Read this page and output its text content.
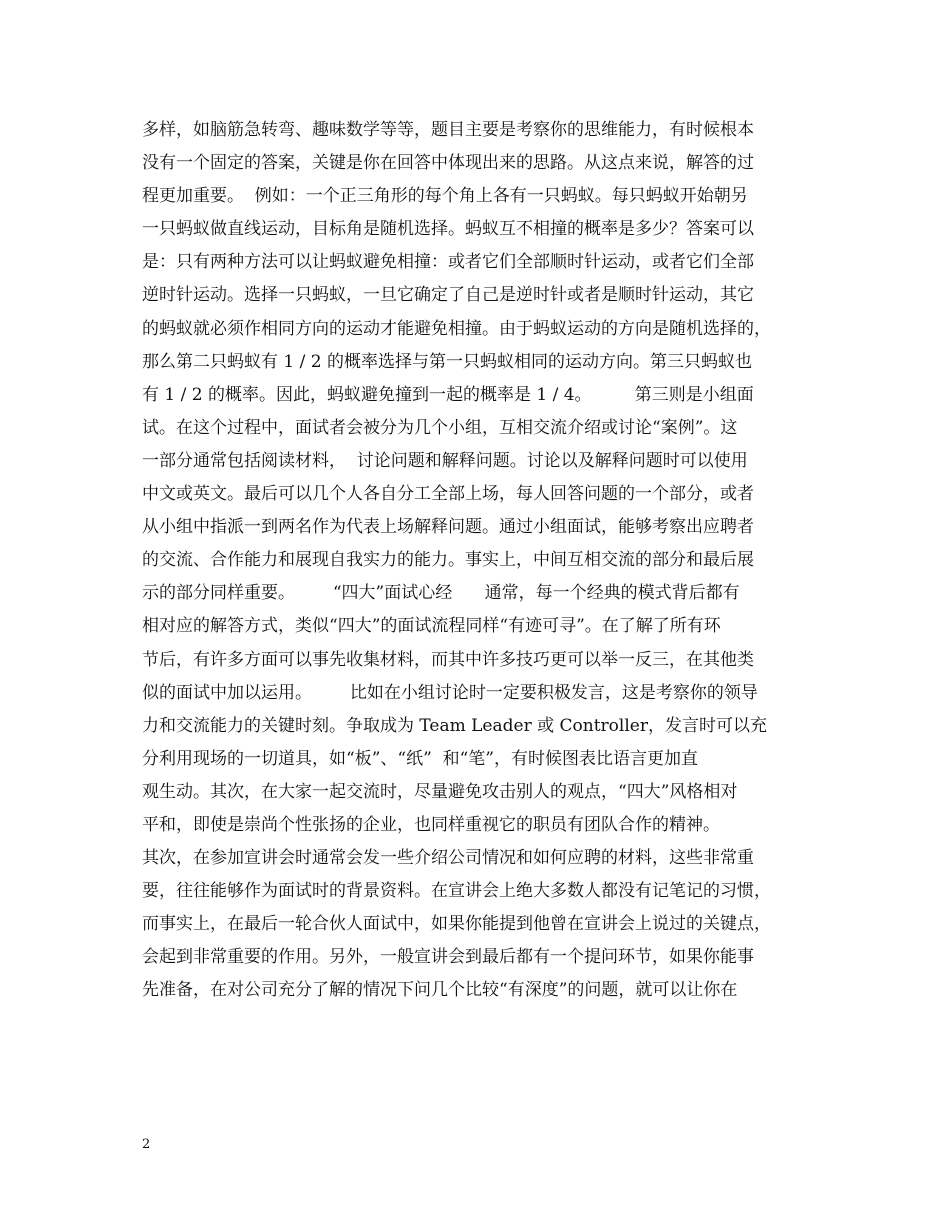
多样，如脑筋急转弯、趣味数学等等，题目主要是考察你的思维能力，有时候根本
没有一个固定的答案，关键是你在回答中体现出来的思路。从这点来说，解答的过
程更加重要。  例如：一个正三角形的每个角上各有一只蚂蚁。每只蚂蚁开始朝另
一只蚂蚁做直线运动，目标角是随机选择。蚂蚁互不相撞的概率是多少？答案可以
是：只有两种方法可以让蚂蚁避免相撞：或者它们全部顺时针运动，或者它们全部
逆时针运动。选择一只蚂蚁，一旦它确定了自己是逆时针或者是顺时针运动，其它
的蚂蚁就必须作相同方向的运动才能避免相撞。由于蚂蚁运动的方向是随机选择的，
那么第二只蚂蚁有 1 / 2 的概率选择与第一只蚂蚁相同的运动方向。第三只蚂蚁也
有 1 / 2 的概率。因此，蚂蚁避免撞到一起的概率是 1 / 4。        第三则是小组面
试。在这个过程中，面试者会被分为几个小组，互相交流介绍或讨论“案例”。这
一部分通常包括阅读材料，  讨论问题和解释问题。讨论以及解释问题时可以使用
中文或英文。最后可以几个人各自分工全部上场，每人回答问题的一个部分，或者
从小组中指派一到两名作为代表上场解释问题。通过小组面试，能够考察出应聘者
的交流、合作能力和展现自我实力的能力。事实上，中间互相交流的部分和最后展
示的部分同样重要。       “四大”面试心经      通常，每一个经典的模式背后都有
相对应的解答方式，类似“四大”的面试流程同样“有迹可寻”。在了解了所有环
节后，有许多方面可以事先收集材料，而其中许多技巧更可以举一反三，在其他类
似的面试中加以运用。       比如在小组讨论时一定要积极发言，这是考察你的领导
力和交流能力的关键时刻。争取成为 Team Leader 或 Controller，发言时可以充
分利用现场的一切道具，如“板”、“纸”  和“笔”，有时候图表比语言更加直
观生动。其次，在大家一起交流时，尽量避免攻击别人的观点，“四大”风格相对
平和，即使是崇尚个性张扬的企业，也同样重视它的职员有团队合作的精神。
其次，在参加宣讲会时通常会发一些介绍公司情况和如何应聘的材料，这些非常重
要，往往能够作为面试时的背景资料。在宣讲会上绝大多数人都没有记笔记的习惯，
而事实上，在最后一轮合伙人面试中，如果你能提到他曾在宣讲会上说过的关键点，
会起到非常重要的作用。另外，一般宣讲会到最后都有一个提问环节，如果你能事
先准备，在对公司充分了解的情况下问几个比较“有深度”的问题，就可以让你在
2
